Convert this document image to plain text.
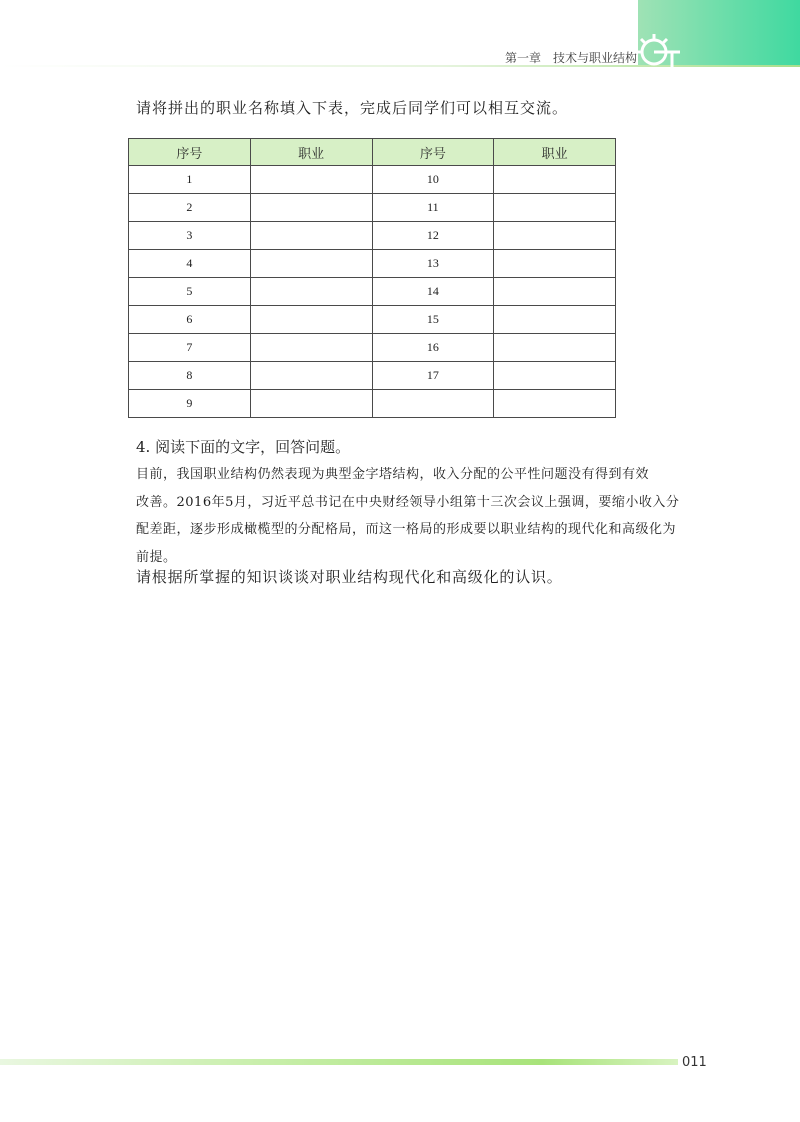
第一章　技术与职业结构
请将拼出的职业名称填入下表，完成后同学们可以相互交流。
序号	职业	序号	职业
1		10	
2		11	
3		12	
4		13	
5		14	
6		15	
7		16	
8		17	
9			
4. 阅读下面的文字，回答问题。
目前，我国职业结构仍然表现为典型金字塔结构，收入分配的公平性问题没有得到有效
改善。2016年5月，习近平总书记在中央财经领导小组第十三次会议上强调，要缩小收入分
配差距，逐步形成橄榄型的分配格局，而这一格局的形成要以职业结构的现代化和高级化为
前提。
请根据所掌握的知识谈谈对职业结构现代化和高级化的认识。
011
